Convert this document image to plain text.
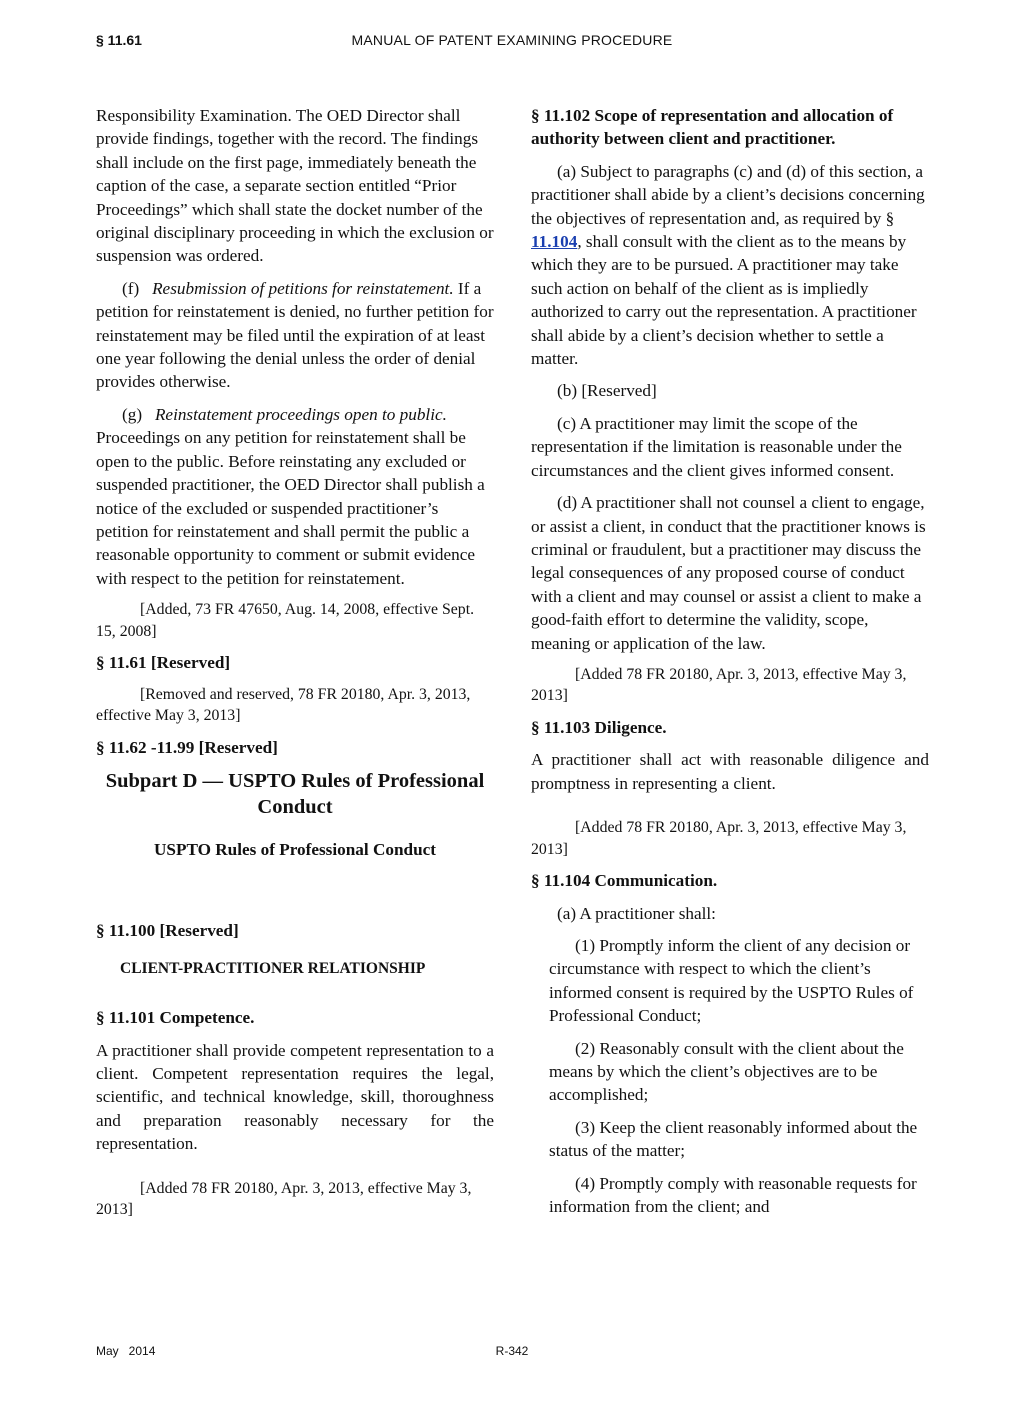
§ 11.61	MANUAL OF PATENT EXAMINING PROCEDURE

Responsibility Examination. The OED Director shall provide findings, together with the record. The findings shall include on the first page, immediately beneath the caption of the case, a separate section entitled “Prior Proceedings” which shall state the docket number of the original disciplinary proceeding in which the exclusion or suspension was ordered.

(f) Resubmission of petitions for reinstatement. If a petition for reinstatement is denied, no further petition for reinstatement may be filed until the expiration of at least one year following the denial unless the order of denial provides otherwise.

(g) Reinstatement proceedings open to public. Proceedings on any petition for reinstatement shall be open to the public. Before reinstating any excluded or suspended practitioner, the OED Director shall publish a notice of the excluded or suspended practitioner’s petition for reinstatement and shall permit the public a reasonable opportunity to comment or submit evidence with respect to the petition for reinstatement.

[Added, 73 FR 47650, Aug. 14, 2008, effective Sept. 15, 2008]

§ 11.61 [Reserved]

[Removed and reserved, 78 FR 20180, Apr. 3, 2013, effective May 3, 2013]

§ 11.62 -11.99 [Reserved]
Subpart D — USPTO Rules of Professional Conduct
USPTO Rules of Professional Conduct
§ 11.100 [Reserved]
CLIENT-PRACTITIONER RELATIONSHIP
§ 11.101 Competence.

A practitioner shall provide competent representation to a client. Competent representation requires the legal, scientific, and technical knowledge, skill, thoroughness and preparation reasonably necessary for the representation.

[Added 78 FR 20180, Apr. 3, 2013, effective May 3, 2013]

§ 11.102 Scope of representation and allocation of authority between client and practitioner.

(a) Subject to paragraphs (c) and (d) of this section, a practitioner shall abide by a client’s decisions concerning the objectives of representation and, as required by § 11.104, shall consult with the client as to the means by which they are to be pursued. A practitioner may take such action on behalf of the client as is impliedly authorized to carry out the representation. A practitioner shall abide by a client’s decision whether to settle a matter.

(b) [Reserved]

(c) A practitioner may limit the scope of the representation if the limitation is reasonable under the circumstances and the client gives informed consent.

(d) A practitioner shall not counsel a client to engage, or assist a client, in conduct that the practitioner knows is criminal or fraudulent, but a practitioner may discuss the legal consequences of any proposed course of conduct with a client and may counsel or assist a client to make a good-faith effort to determine the validity, scope, meaning or application of the law.

[Added 78 FR 20180, Apr. 3, 2013, effective May 3, 2013]

§ 11.103 Diligence.

A practitioner shall act with reasonable diligence and promptness in representing a client.

[Added 78 FR 20180, Apr. 3, 2013, effective May 3, 2013]

§ 11.104 Communication.

(a) A practitioner shall:

(1) Promptly inform the client of any decision or circumstance with respect to which the client’s informed consent is required by the USPTO Rules of Professional Conduct;

(2) Reasonably consult with the client about the means by which the client’s objectives are to be accomplished;

(3) Keep the client reasonably informed about the status of the matter;

(4) Promptly comply with reasonable requests for information from the client; and

May   2014	R-342
